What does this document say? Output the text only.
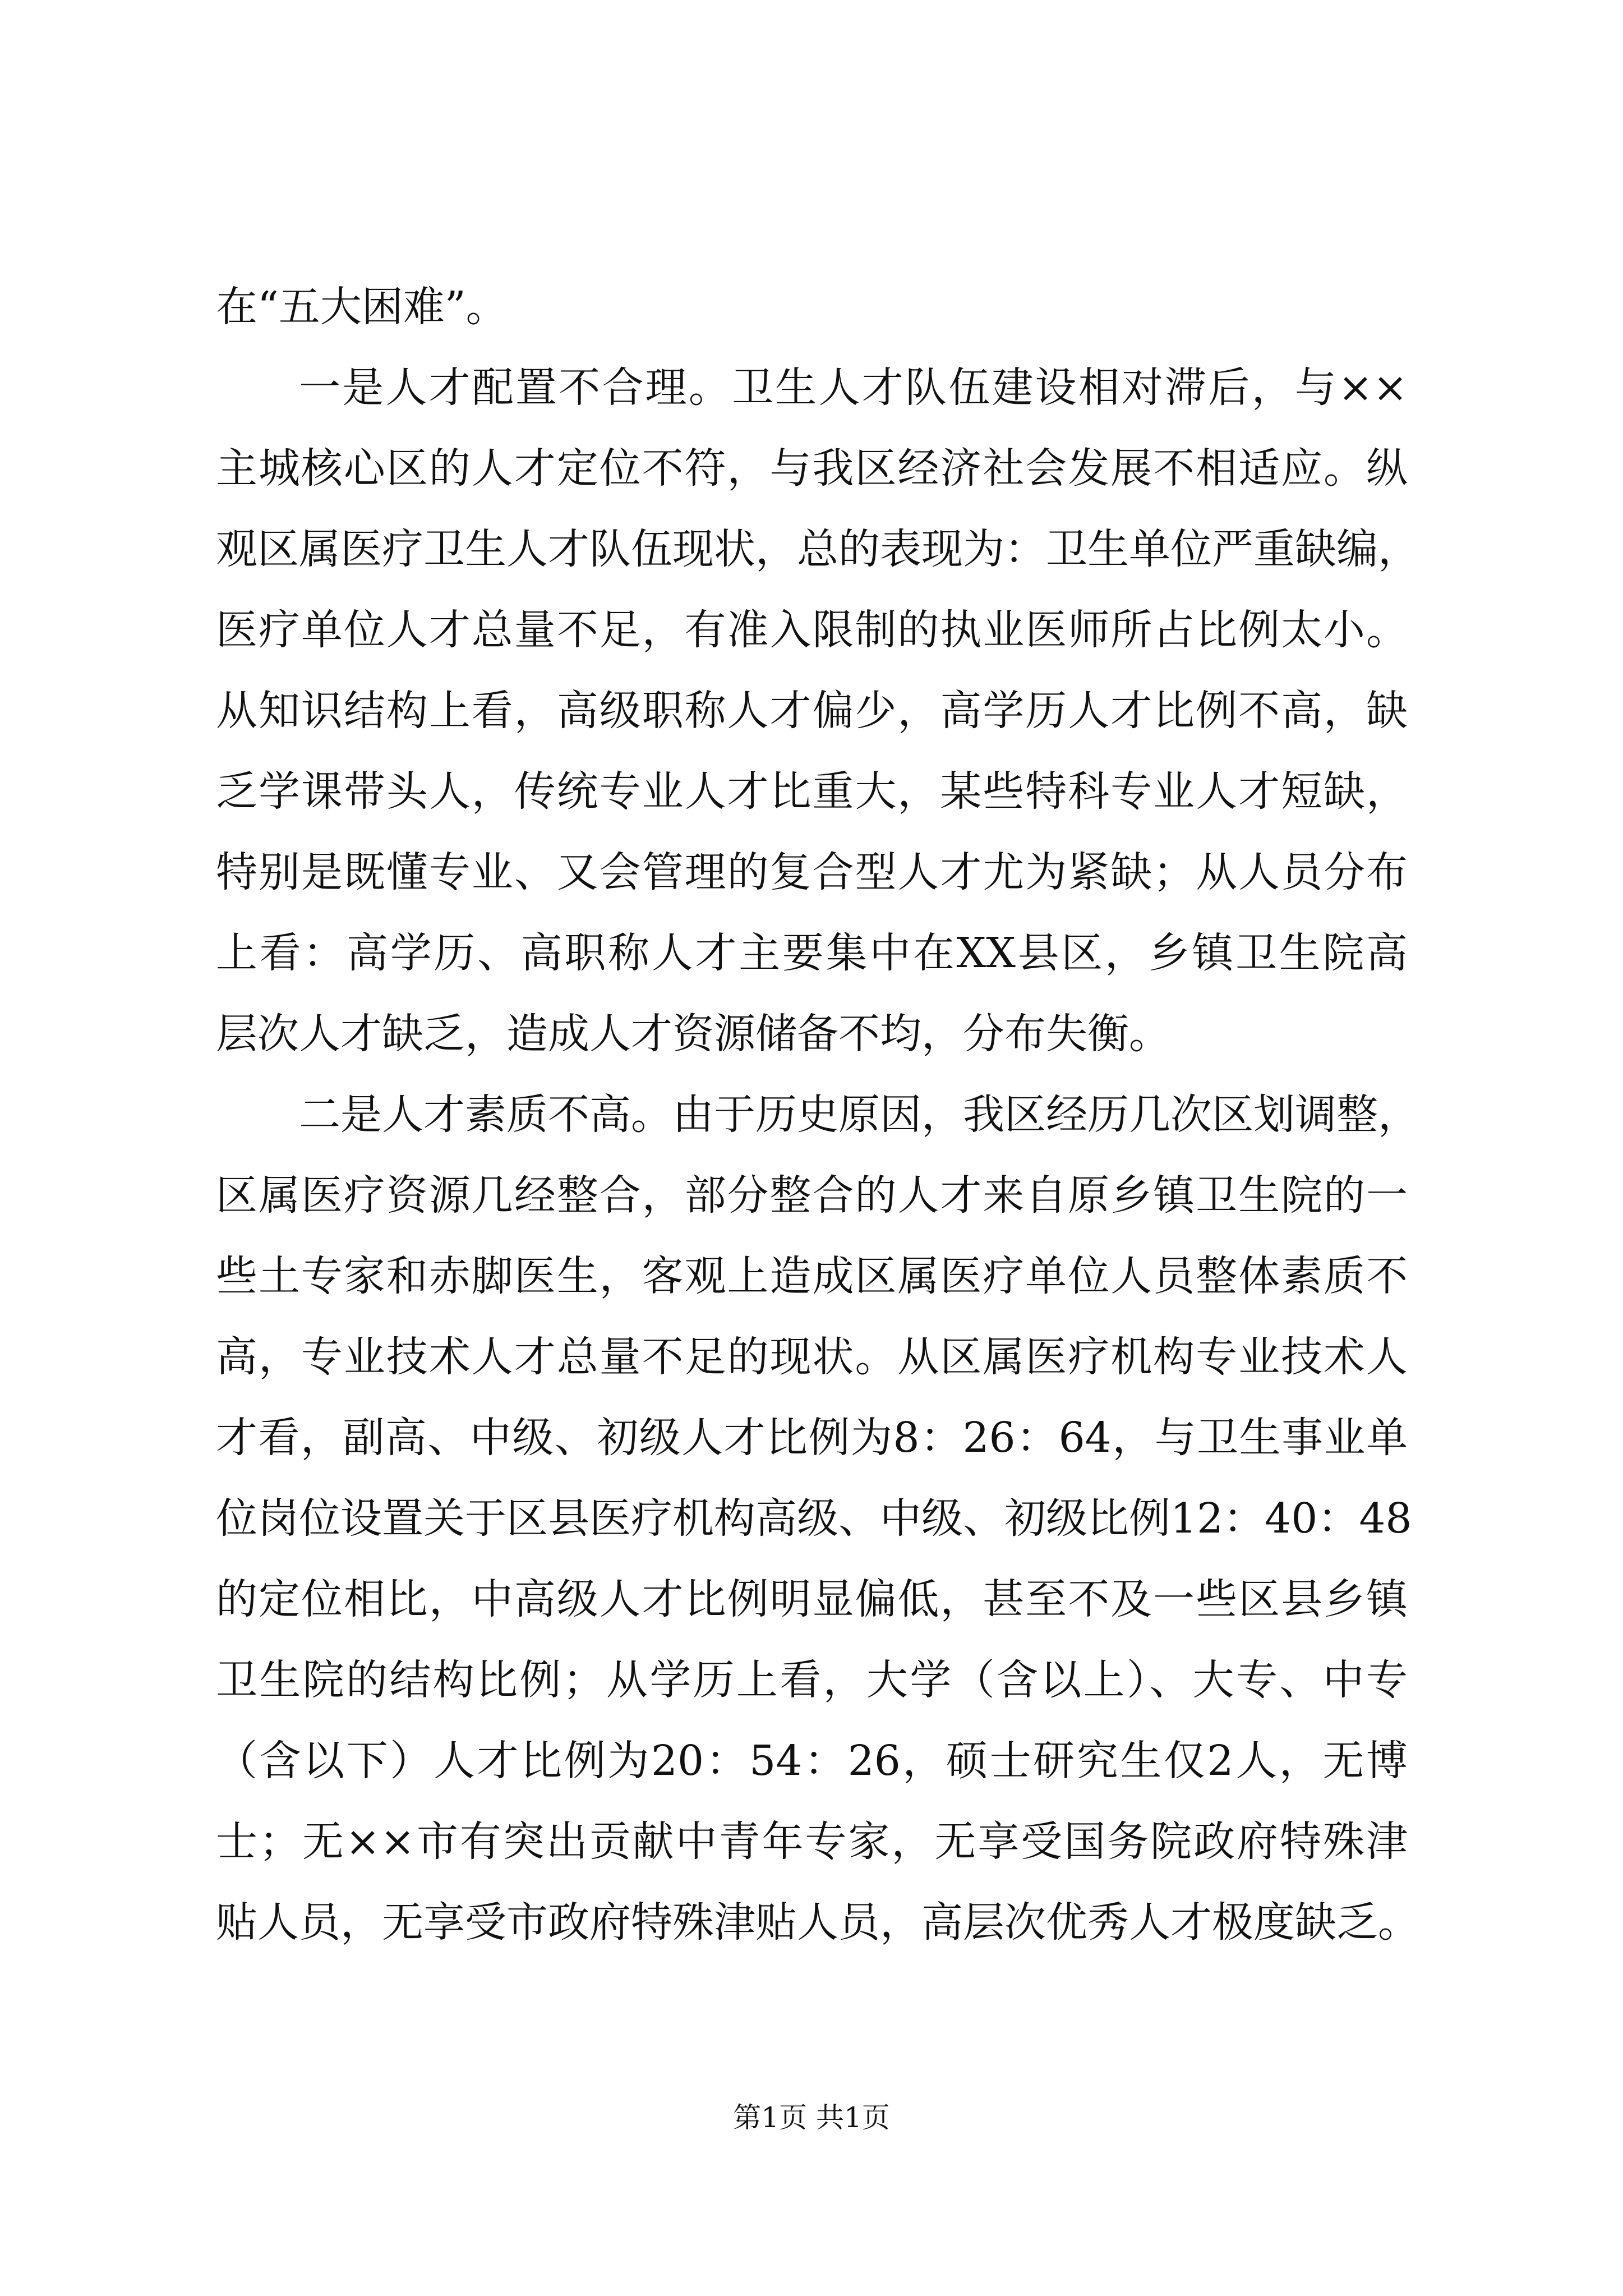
在“五大困难”。
一是人才配置不合理。卫生人才队伍建设相对滞后，与××
主城核心区的人才定位不符，与我区经济社会发展不相适应。纵
观区属医疗卫生人才队伍现状，总的表现为：卫生单位严重缺编，
医疗单位人才总量不足，有准入限制的执业医师所占比例太小。
从知识结构上看，高级职称人才偏少，高学历人才比例不高，缺
乏学课带头人，传统专业人才比重大，某些特科专业人才短缺，
特别是既懂专业、又会管理的复合型人才尤为紧缺；从人员分布
上看：高学历、高职称人才主要集中在XX县区，乡镇卫生院高
层次人才缺乏，造成人才资源储备不均，分布失衡。
二是人才素质不高。由于历史原因，我区经历几次区划调整，
区属医疗资源几经整合，部分整合的人才来自原乡镇卫生院的一
些土专家和赤脚医生，客观上造成区属医疗单位人员整体素质不
高，专业技术人才总量不足的现状。从区属医疗机构专业技术人
才看，副高、中级、初级人才比例为8：26：64，与卫生事业单
位岗位设置关于区县医疗机构高级、中级、初级比例12：40：48
的定位相比，中高级人才比例明显偏低，甚至不及一些区县乡镇
卫生院的结构比例；从学历上看，大学（含以上）、大专、中专
（含以下）人才比例为20：54：26，硕士研究生仅2人，无博
士；无××市有突出贡献中青年专家，无享受国务院政府特殊津
贴人员，无享受市政府特殊津贴人员，高层次优秀人才极度缺乏。
第1页 共1页
